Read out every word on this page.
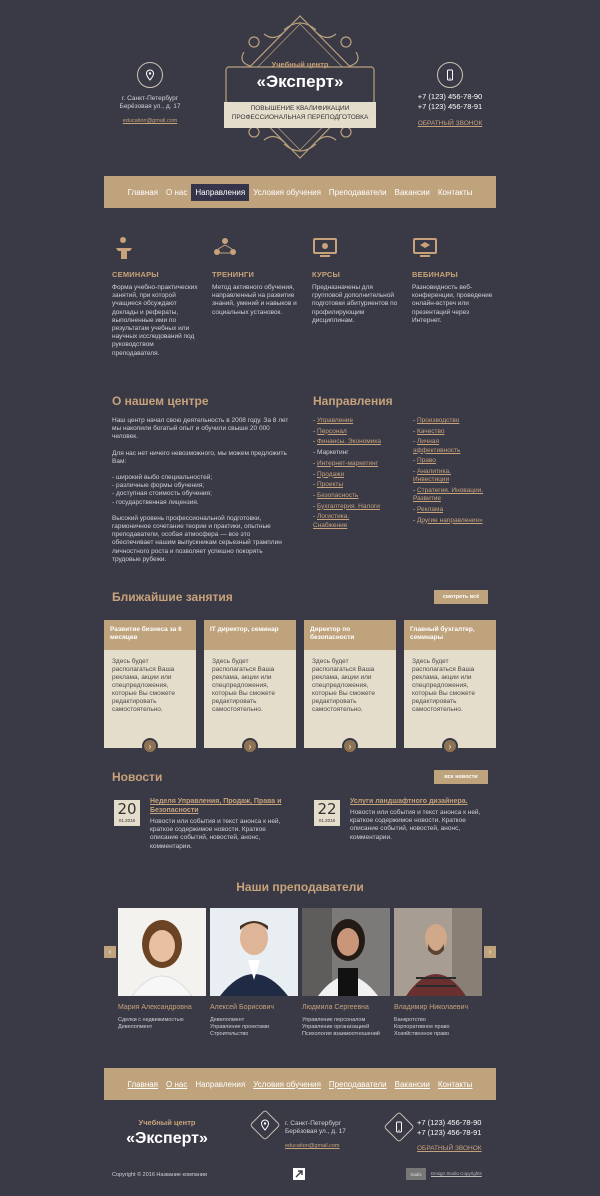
г. Санкт-Петербург
Берёзовая ул., д. 17
education@gmail.com
Учебный центр
«Эксперт»
ПОВЫШЕНИЕ КВАЛИФИКАЦИИ
ПРОФЕССИОНАЛЬНАЯ ПЕРЕПОДГОТОВКА
+7 (123) 456-78-90
+7 (123) 456-78-91
ОБРАТНЫЙ ЗВОНОК
Главная	О нас	Направления	Условия обучения	Преподаватели	Вакансии	Контакты
СЕМИНАРЫ
Форма учебно-практических занятий, при которой учащиеся обсуждают доклады и рефераты, выполненные ими по результатам учебных или научных исследований под руководством преподавателя.
ТРЕНИНГИ
Метод активного обучения, направленный на развитие знаний, умений и навыков и социальных установок.
КУРСЫ
Предназначены для групповой дополнительной подготовки абитуриентов по профилирующим дисциплинам.
ВЕБИНАРЫ
Разновидность веб-конференции, проведение онлайн-встреч или презентаций через Интернет.
О нашем центре
Наш центр начал свою деятельность в 2008 году. За 8 лет мы накопили богатый опыт и обучили свыше 20 000 человек.
Для нас нет ничего невозможного, мы можем предложить Вам:
- широкий выбо специальностей;
- различные формы обучения;
- доступная стоимость обучения;
- государственная лицензия.
Высокий уровень профессиональной подготовки, гармоничное сочетание теории и практики, опытные преподаватели, особая атмосфера — все это обеспечивает нашим выпускникам серьезный трамплин личностного роста и позволяет успешно покорять трудовые рубежи.
Направления
- Управление
- Персонал
- Финансы. Экономика
- Маркетинг
- Интернет-маркетинг
- Продажи
- Проекты
- Безопасность
- Бухгалтерия. Налоги
- Логистика. Снабжение
- Производство
- Качество
- Личная эффективность
- Право
- Аналитика. Инвестиции
- Стратегия. Иновации. Развитие
- Реклама
- Другие направления»
Ближайшие занятия	смотреть всё
Развитие бизнеса за 6 месяцев
Здесь будет располагаться Ваша реклама, акции или спецпредложения, которые Вы сможете редактировать самостоятельно.
›
IT директор, семинар
Здесь будет располагаться Ваша реклама, акции или спецпредложения, которые Вы сможете редактировать самостоятельно.
›
Директор по безопасности
Здесь будет располагаться Ваша реклама, акции или спецпредложения, которые Вы сможете редактировать самостоятельно.
›
Главный бухгалтер, семинары
Здесь будет располагаться Ваша реклама, акции или спецпредложения, которые Вы сможете редактировать самостоятельно.
›
Новости	все новости
20
01.2016
Неделя Управления, Продаж, Права и Безопасности
Новости или события и текст анонса к ней, краткое содержимое новости. Краткое описание событий, новостей, анонс, комментарии.
22
01.2016
Услуги ландшафтного дизайнера.
Новости или события и текст анонса к ней, краткое содержимое новости. Краткое описание событий, новостей, анонс, комментарии.
Наши преподаватели
‹	›
Мария Александровна
Сделки с недвижимостью
Девелопмент
Алексей Борисович
Девелопмент
Управление проектами
Строительство
Людмила Сергеевна
Управление персоналом
Управление организацией
Психология взаимоотношений
Владимир Николаевич
Банкротство
Корпоративное право
Хозяйственное право
Главная	О нас	Направления	Условия обучения	Преподаватели	Вакансии	Контакты
Учебный центр
«Эксперт»
г. Санкт-Петербург
Берёзовая ул., д. 17
education@gmail.com
+7 (123) 456-78-90
+7 (123) 456-78-91
ОБРАТНЫЙ ЗВОНОК
Copyright © 2016 Название компании	Sadis	Design Studio Copyrights
